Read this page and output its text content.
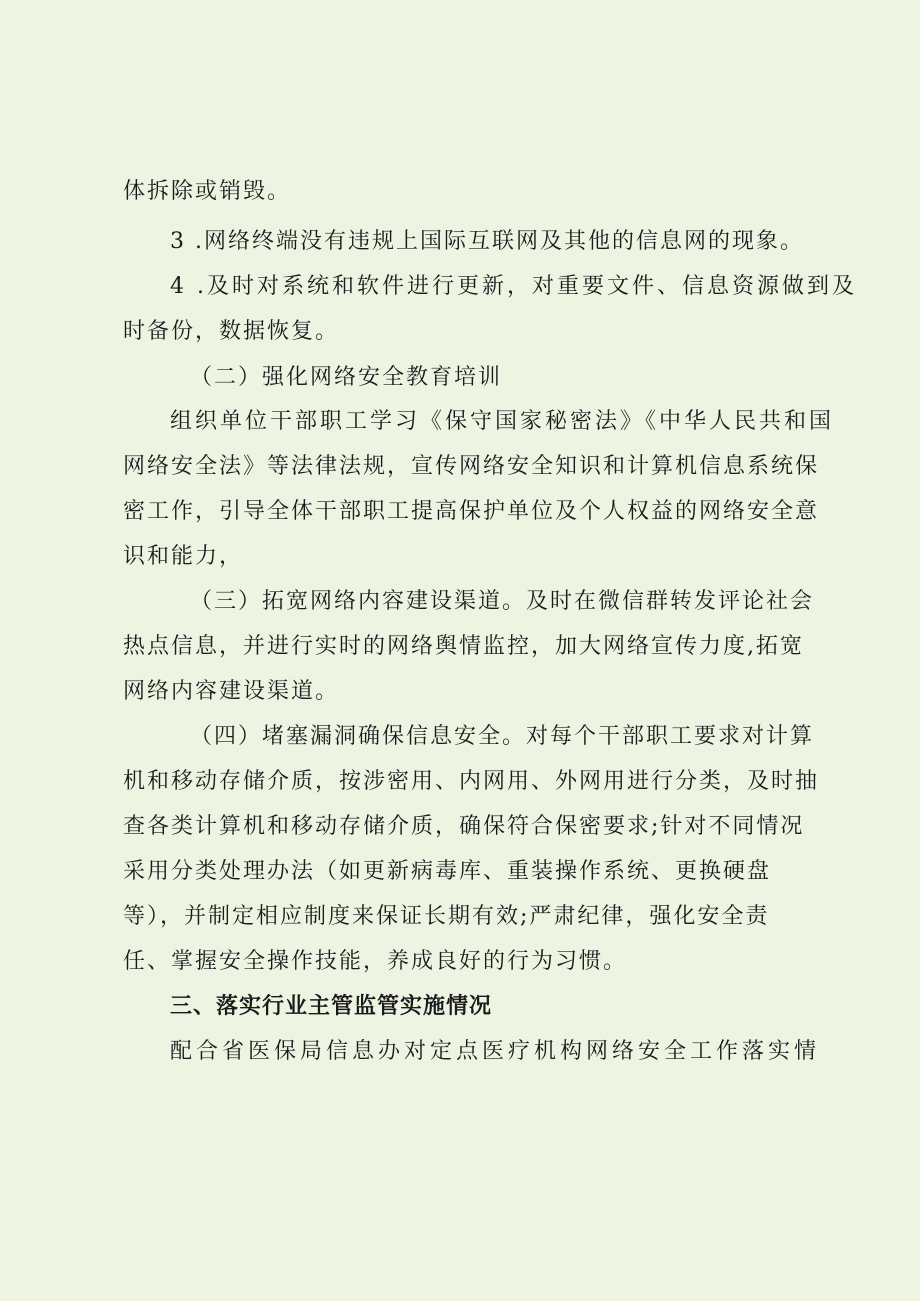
体拆除或销毁。
3 .网络终端没有违规上国际互联网及其他的信息网的现象。
4 .及时对系统和软件进行更新，对重要文件、信息资源做到及
时备份，数据恢复。
（二）强化网络安全教育培训
组织单位干部职工学习《保守国家秘密法》《中华人民共和国
网络安全法》等法律法规，宣传网络安全知识和计算机信息系统保
密工作，引导全体干部职工提高保护单位及个人权益的网络安全意
识和能力，
（三）拓宽网络内容建设渠道。及时在微信群转发评论社会
热点信息，并进行实时的网络舆情监控，加大网络宣传力度,拓宽
网络内容建设渠道。
（四）堵塞漏洞确保信息安全。对每个干部职工要求对计算
机和移动存储介质，按涉密用、内网用、外网用进行分类，及时抽
查各类计算机和移动存储介质，确保符合保密要求;针对不同情况
采用分类处理办法（如更新病毒库、重装操作系统、更换硬盘
等），并制定相应制度来保证长期有效;严肃纪律，强化安全责
任、掌握安全操作技能，养成良好的行为习惯。
三、落实行业主管监管实施情况
配合省医保局信息办对定点医疗机构网络安全工作落实情
